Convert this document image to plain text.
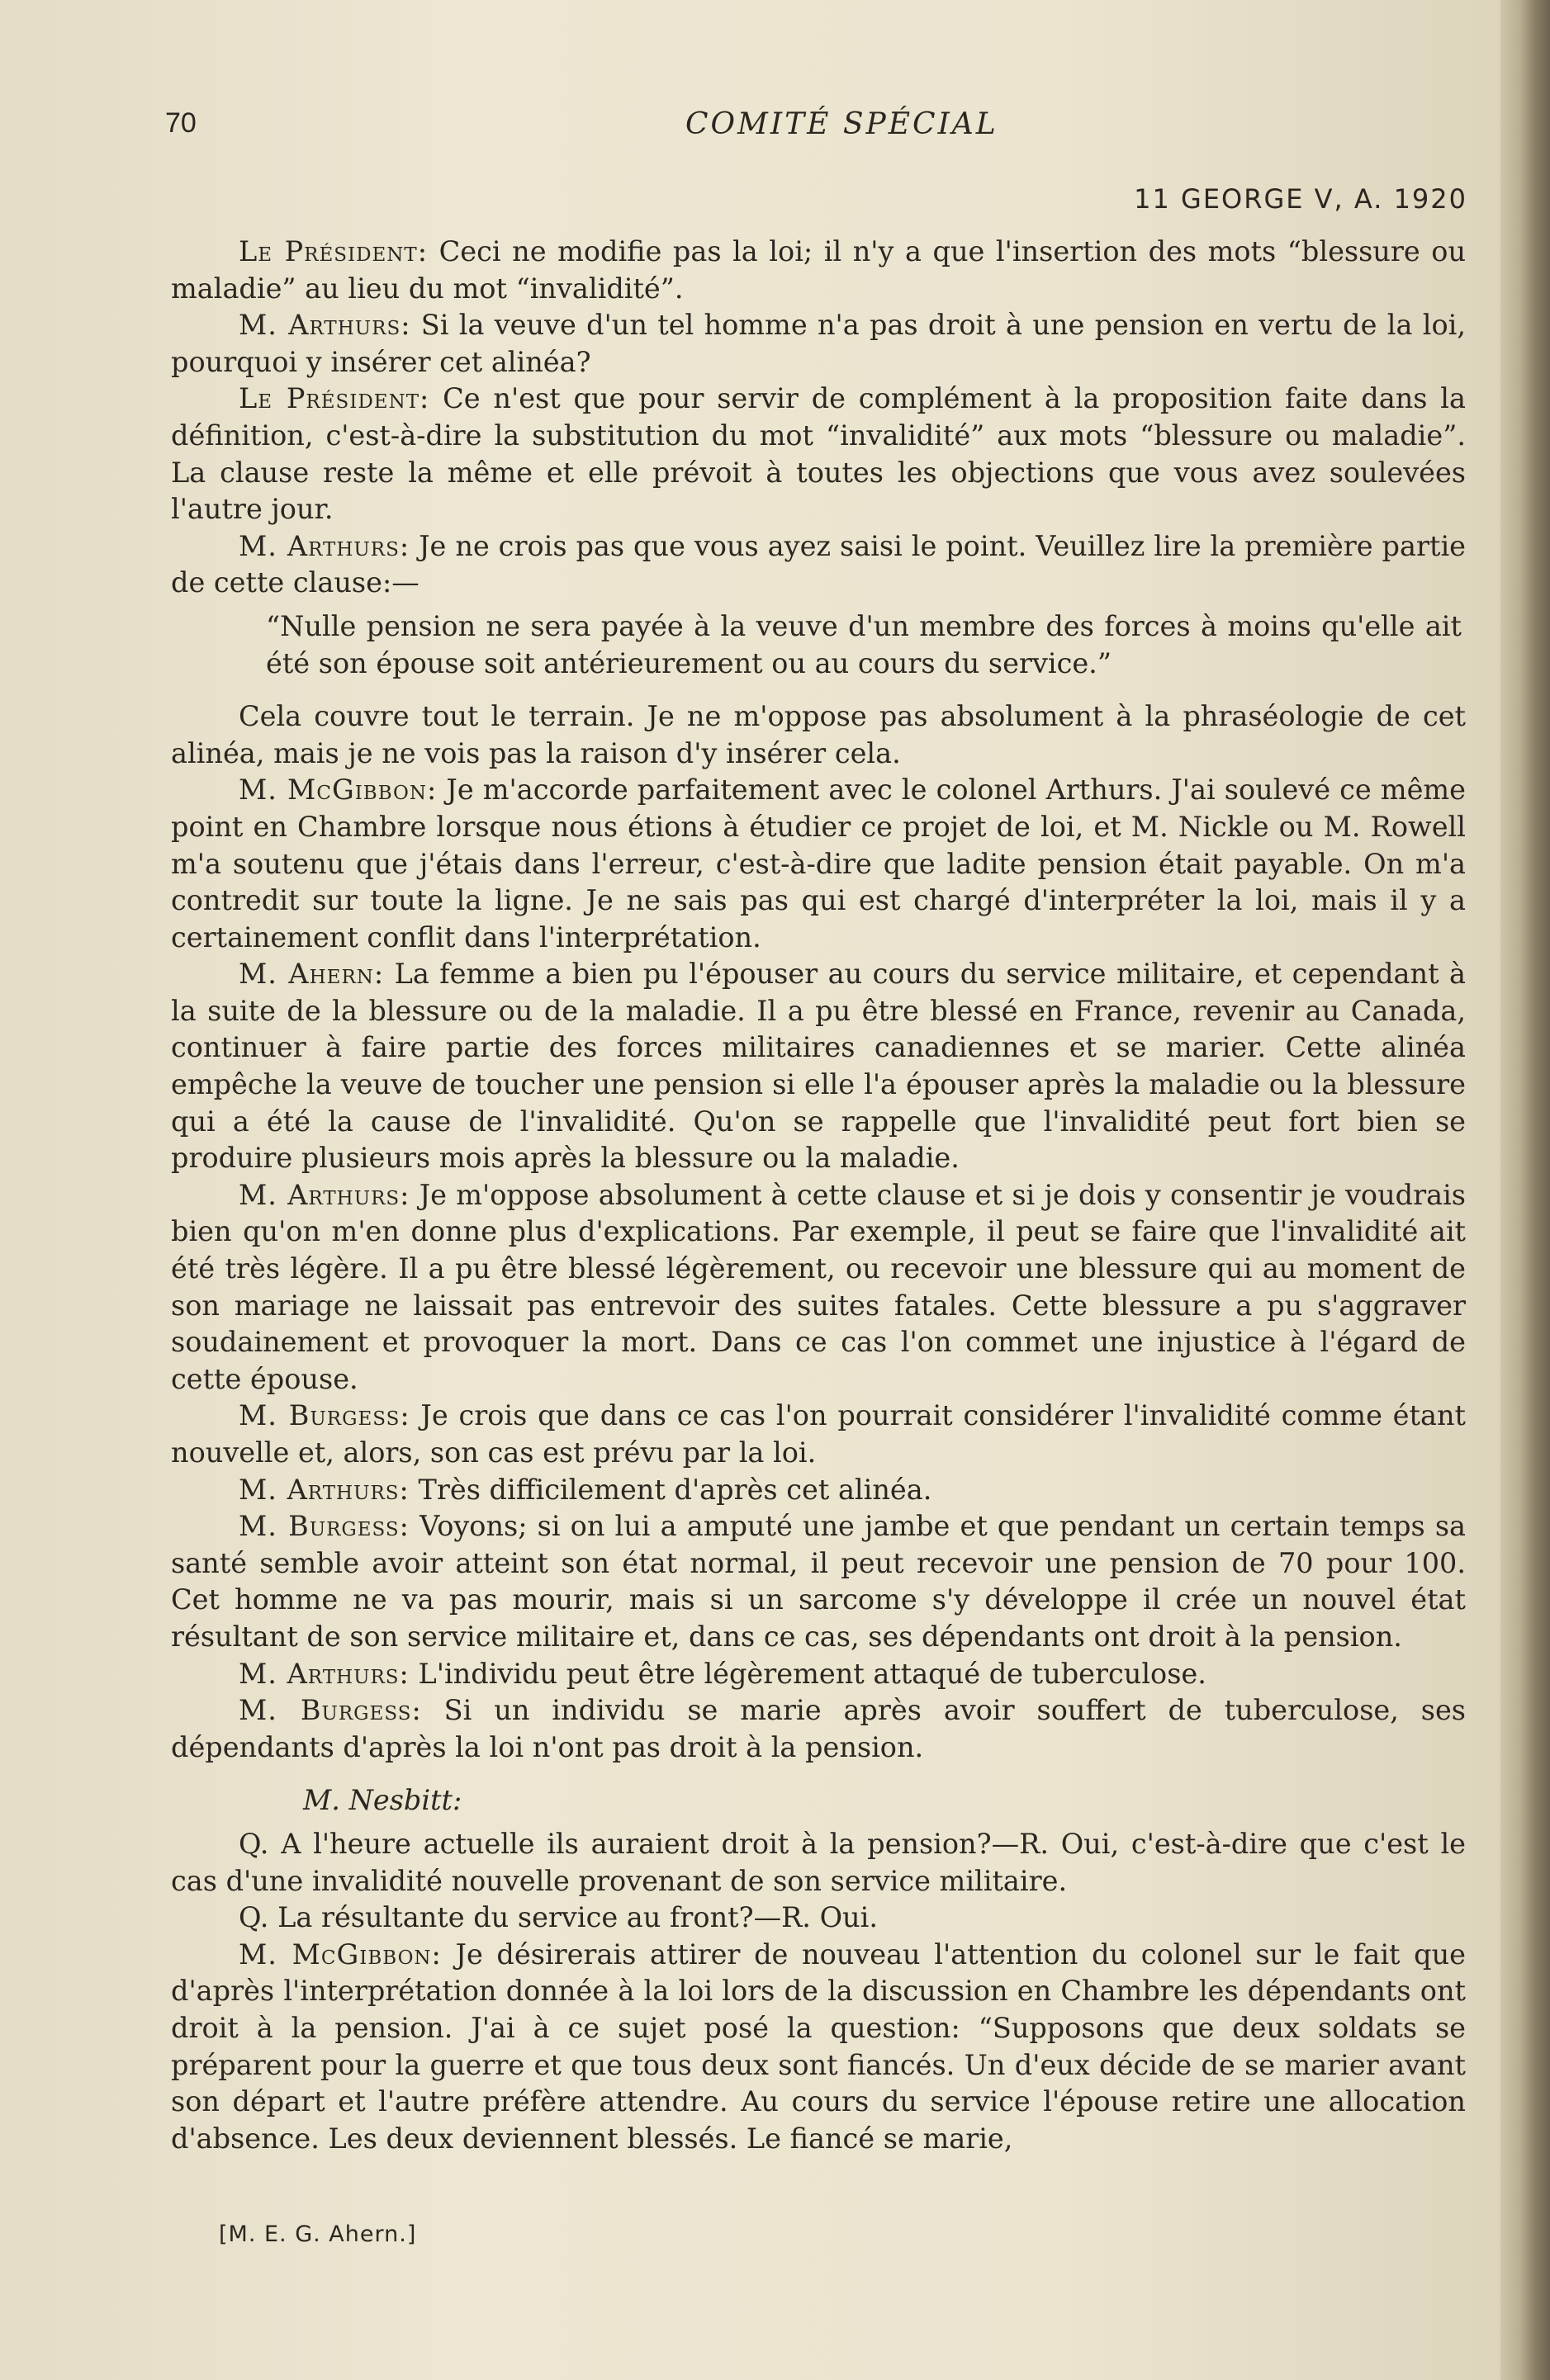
70	COMITÉ SPÉCIAL
11 GEORGE V, A. 1920

Le Président: Ceci ne modifie pas la loi; il n'y a que l'insertion des mots “blessure ou maladie” au lieu du mot “invalidité”.

M. Arthurs: Si la veuve d'un tel homme n'a pas droit à une pension en vertu de la loi, pourquoi y insérer cet alinéa?

Le Président: Ce n'est que pour servir de complément à la proposition faite dans la définition, c'est-à-dire la substitution du mot “invalidité” aux mots “blessure ou maladie”. La clause reste la même et elle prévoit à toutes les objections que vous avez soulevées l'autre jour.

M. Arthurs: Je ne crois pas que vous ayez saisi le point. Veuillez lire la première partie de cette clause:—

“Nulle pension ne sera payée à la veuve d'un membre des forces à moins qu'elle ait été son épouse soit antérieurement ou au cours du service.”

Cela couvre tout le terrain. Je ne m'oppose pas absolument à la phraséologie de cet alinéa, mais je ne vois pas la raison d'y insérer cela.

M. McGibbon: Je m'accorde parfaitement avec le colonel Arthurs. J'ai soulevé ce même point en Chambre lorsque nous étions à étudier ce projet de loi, et M. Nickle ou M. Rowell m'a soutenu que j'étais dans l'erreur, c'est-à-dire que ladite pension était payable. On m'a contredit sur toute la ligne. Je ne sais pas qui est chargé d'interpréter la loi, mais il y a certainement conflit dans l'interprétation.

M. Ahern: La femme a bien pu l'épouser au cours du service militaire, et cependant à la suite de la blessure ou de la maladie. Il a pu être blessé en France, revenir au Canada, continuer à faire partie des forces militaires canadiennes et se marier. Cette alinéa empêche la veuve de toucher une pension si elle l'a épouser après la maladie ou la blessure qui a été la cause de l'invalidité. Qu'on se rappelle que l'invalidité peut fort bien se produire plusieurs mois après la blessure ou la maladie.

M. Arthurs: Je m'oppose absolument à cette clause et si je dois y consentir je voudrais bien qu'on m'en donne plus d'explications. Par exemple, il peut se faire que l'invalidité ait été très légère. Il a pu être blessé légèrement, ou recevoir une blessure qui au moment de son mariage ne laissait pas entrevoir des suites fatales. Cette blessure a pu s'aggraver soudainement et provoquer la mort. Dans ce cas l'on commet une injustice à l'égard de cette épouse.

M. Burgess: Je crois que dans ce cas l'on pourrait considérer l'invalidité comme étant nouvelle et, alors, son cas est prévu par la loi.

M. Arthurs: Très difficilement d'après cet alinéa.

M. Burgess: Voyons; si on lui a amputé une jambe et que pendant un certain temps sa santé semble avoir atteint son état normal, il peut recevoir une pension de 70 pour 100. Cet homme ne va pas mourir, mais si un sarcome s'y développe il crée un nouvel état résultant de son service militaire et, dans ce cas, ses dépendants ont droit à la pension.

M. Arthurs: L'individu peut être légèrement attaqué de tuberculose.

M. Burgess: Si un individu se marie après avoir souffert de tuberculose, ses dépendants d'après la loi n'ont pas droit à la pension.

M. Nesbitt:

Q. A l'heure actuelle ils auraient droit à la pension?—R. Oui, c'est-à-dire que c'est le cas d'une invalidité nouvelle provenant de son service militaire.

Q. La résultante du service au front?—R. Oui.

M. McGibbon: Je désirerais attirer de nouveau l'attention du colonel sur le fait que d'après l'interprétation donnée à la loi lors de la discussion en Chambre les dépendants ont droit à la pension. J'ai à ce sujet posé la question: “Supposons que deux soldats se préparent pour la guerre et que tous deux sont fiancés. Un d'eux décide de se marier avant son départ et l'autre préfère attendre. Au cours du service l'épouse retire une allocation d'absence. Les deux deviennent blessés. Le fiancé se marie,

[M. E. G. Ahern.]
